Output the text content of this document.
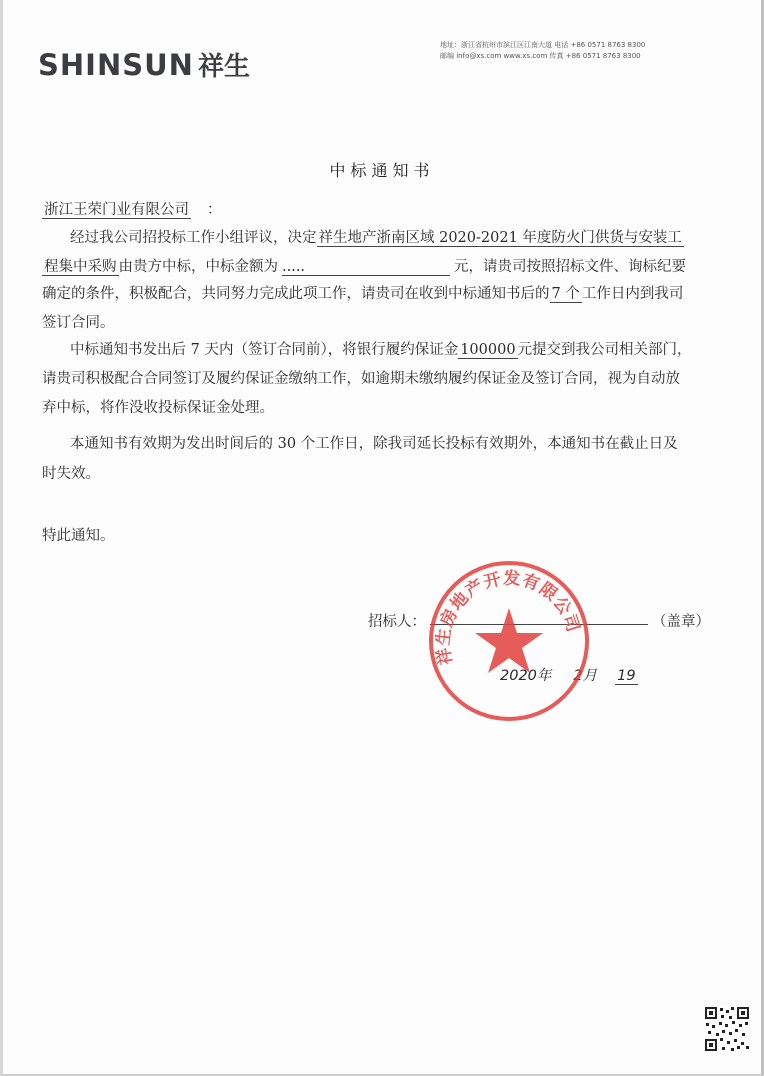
SHINSUN 祥生
地址：浙江省杭州市滨江区江南大道 电话 +86 0571 8763 8300
邮编 info@xs.com www.xs.com 传真 +86 0571 8763 8300
中标通知书
浙江王荣门业有限公司 ：
经过我公司招投标工作小组评议，决定 祥生地产浙南区域 2020-2021 年度防火门供货与安装工
程集中采购 由贵方中标，中标金额为 .....	元，请贵司按照招标文件、询标纪要
确定的条件，积极配合，共同努力完成此项工作，请贵司在收到中标通知书后的 7 个 工作日内到我司
签订合同。
中标通知书发出后 7 天内（签订合同前），将银行履约保证金 100000 元提交到我公司相关部门，
请贵司积极配合合同签订及履约保证金缴纳工作，如逾期未缴纳履约保证金及签订合同，视为自动放
弃中标，将作没收投标保证金处理。
本通知书有效期为发出时间后的 30 个工作日，除我司延长投标有效期外，本通知书在截止日及
时失效。
特此通知。
招标人：	（盖章）
2020年 2月 19
祥生房地产开发有限公司
